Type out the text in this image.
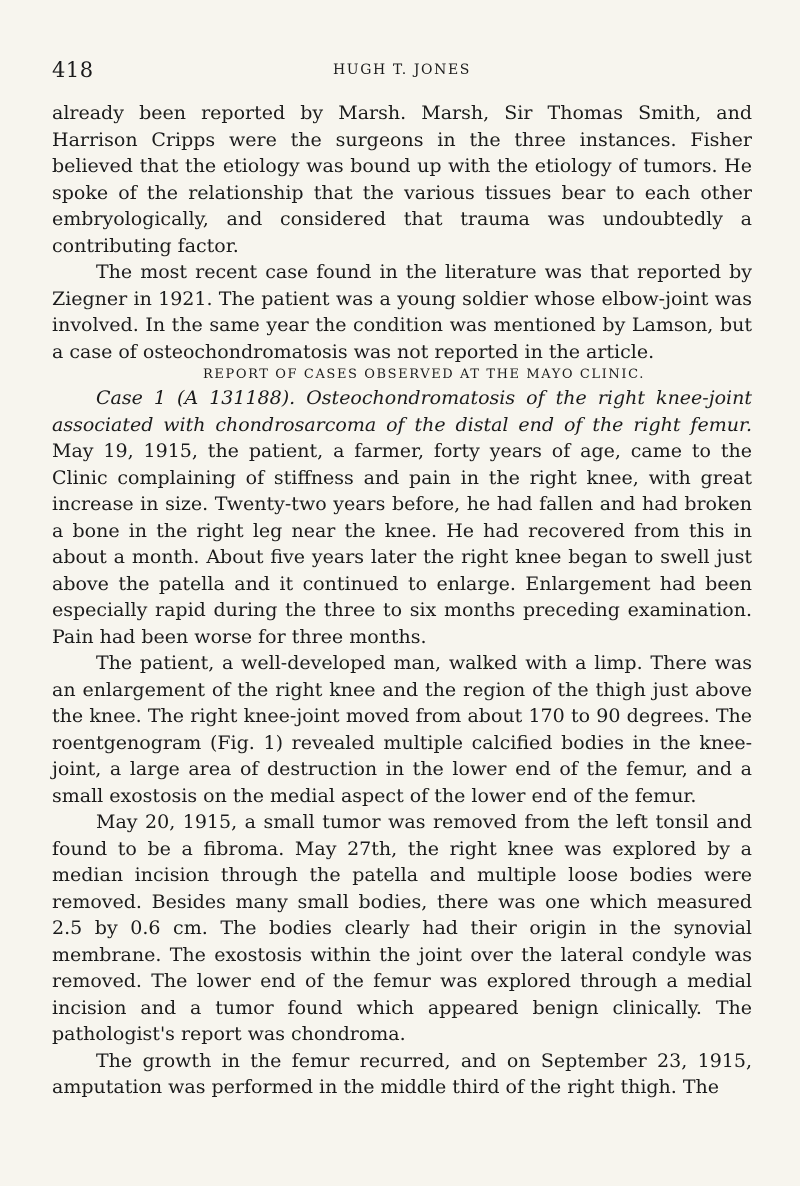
418	HUGH T. JONES

already been reported by Marsh. Marsh, Sir Thomas Smith, and Harrison Cripps were the surgeons in the three instances. Fisher believed that the etiology was bound up with the etiology of tumors. He spoke of the relationship that the various tissues bear to each other embryologically, and considered that trauma was undoubtedly a contributing factor.

The most recent case found in the literature was that reported by Ziegner in 1921. The patient was a young soldier whose elbow-joint was involved. In the same year the condition was mentioned by Lamson, but a case of osteochondromatosis was not reported in the article.

REPORT OF CASES OBSERVED AT THE MAYO CLINIC.

Case 1 (A 131188). Osteochondromatosis of the right knee-joint associated with chondrosarcoma of the distal end of the right femur. May 19, 1915, the patient, a farmer, forty years of age, came to the Clinic complaining of stiffness and pain in the right knee, with great increase in size. Twenty-two years before, he had fallen and had broken a bone in the right leg near the knee. He had recovered from this in about a month. About five years later the right knee began to swell just above the patella and it continued to enlarge. Enlargement had been especially rapid during the three to six months preceding examination. Pain had been worse for three months.

The patient, a well-developed man, walked with a limp. There was an enlargement of the right knee and the region of the thigh just above the knee. The right knee-joint moved from about 170 to 90 degrees. The roentgenogram (Fig. 1) revealed multiple calcified bodies in the knee-joint, a large area of destruction in the lower end of the femur, and a small exostosis on the medial aspect of the lower end of the femur.

May 20, 1915, a small tumor was removed from the left tonsil and found to be a fibroma. May 27th, the right knee was explored by a median incision through the patella and multiple loose bodies were removed. Besides many small bodies, there was one which measured 2.5 by 0.6 cm. The bodies clearly had their origin in the synovial membrane. The exostosis within the joint over the lateral condyle was removed. The lower end of the femur was explored through a medial incision and a tumor found which appeared benign clinically. The pathologist's report was chondroma.

The growth in the femur recurred, and on September 23, 1915, amputation was performed in the middle third of the right thigh. The
